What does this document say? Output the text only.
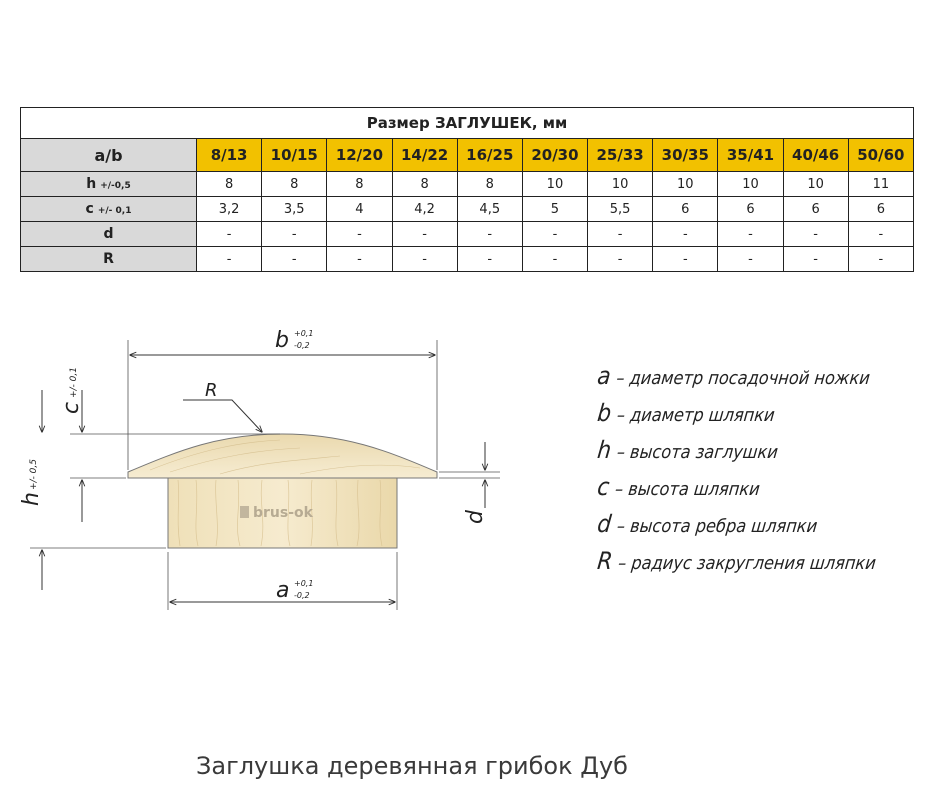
Размер ЗАГЛУШЕК, мм											
a/b	8/13	10/15	12/20	14/22	16/25	20/30	25/33	30/35	35/41	40/46	50/60
h +/-0,5	8	8	8	8	8	10	10	10	10	10	11
c +/- 0,1	3,2	3,5	4	4,2	4,5	5	5,5	6	6	6	6
d	-	-	-	-	-	-	-	-	-	-	-
R	-	-	-	-	-	-	-	-	-	-	-
brus-ok
b +0,1
-0,2
a +0,1
-0,2
R
c
+/- 0,1
h
+/- 0,5
d
a – диаметр посадочной ножки
b – диаметр шляпки
h – высота заглушки
c – высота шляпки
d – высота ребра шляпки
R – радиус закругления шляпки
Заглушка деревянная грибок Дуб
